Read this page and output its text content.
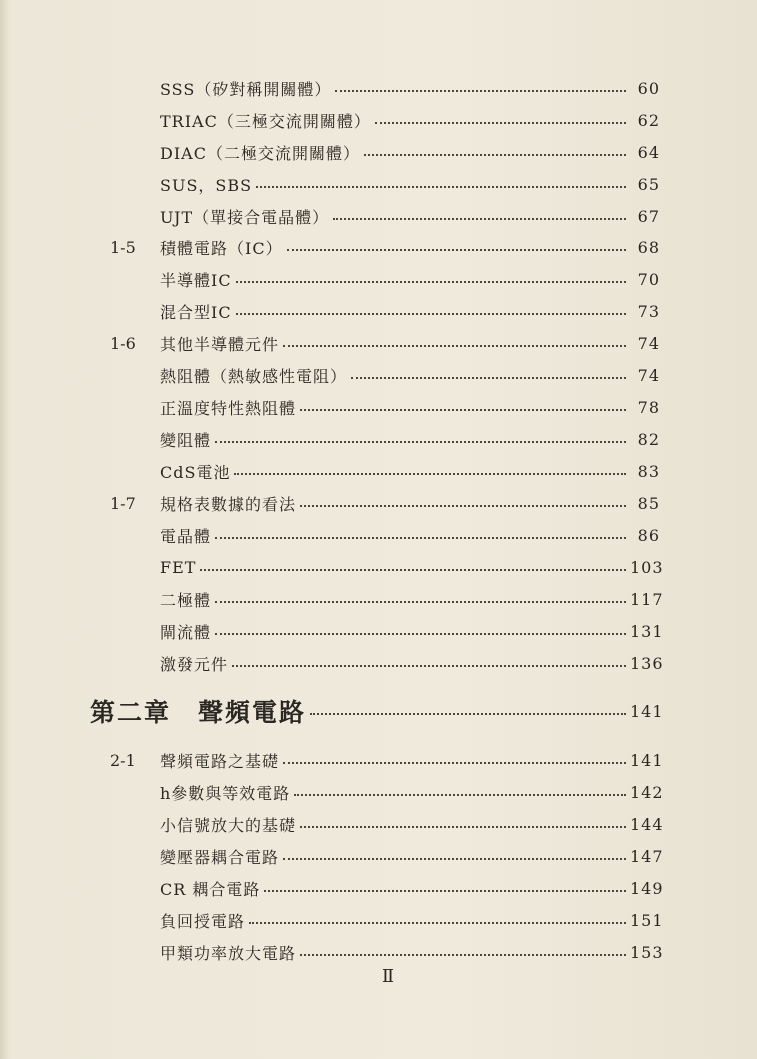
SSS（矽對稱開關體）	60
TRIAC（三極交流開關體）	62
DIAC（二極交流開關體）	64
SUS，SBS	65
UJT（單接合電晶體）	67
1-5	積體電路（IC）	68
半導體IC	70
混合型IC	73
1-6	其他半導體元件	74
熱阻體（熱敏感性電阻）	74
正溫度特性熱阻體	78
變阻體	82
CdS電池	83
1-7	規格表數據的看法	85
電晶體	86
FET	103
二極體	117
閘流體	131
激發元件	136
第二章　聲頻電路	141
2-1	聲頻電路之基礎	141
h參數與等效電路	142
小信號放大的基礎	144
變壓器耦合電路	147
CR 耦合電路	149
負回授電路	151
甲類功率放大電路	153
Ⅱ
